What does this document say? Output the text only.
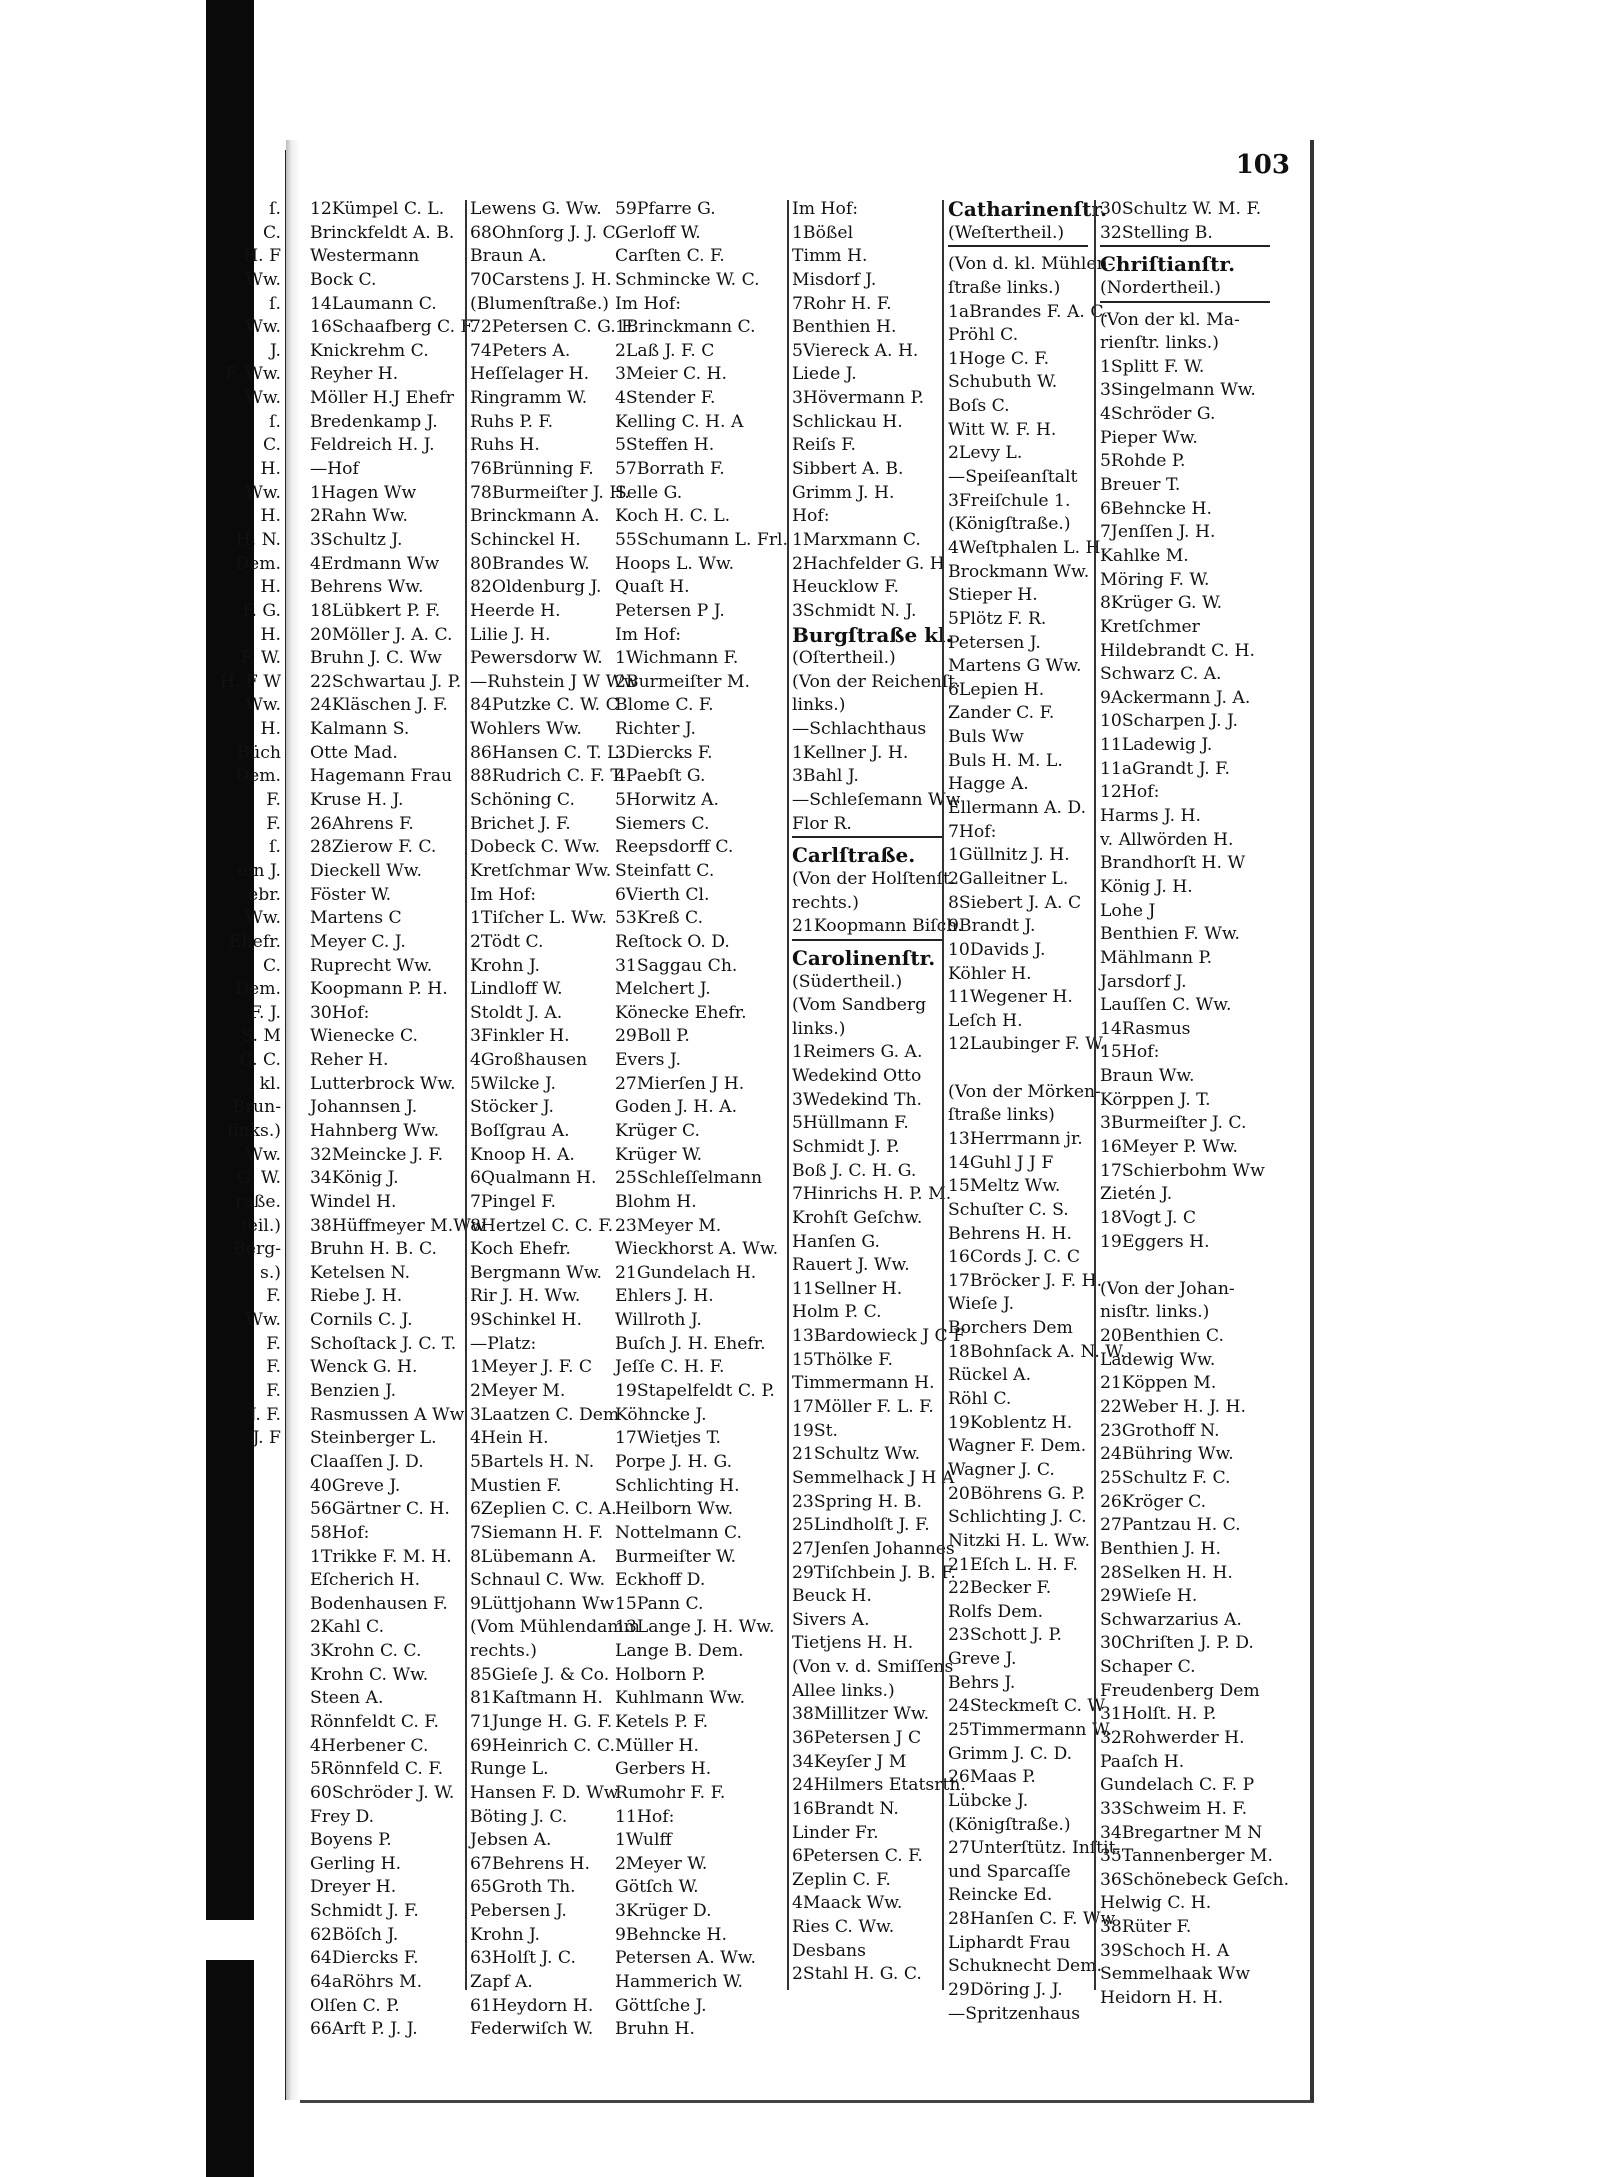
ſ.
C.
H. F
Ww.
ſ.
Ww.
J.
F. Ww.
Ww.
ſ.
C.
H.
Ww.
H.
H. N.
Dem.
H.
F. G.
H.
F. W.
H. F W
Ww.
H.
Büch
Dem.
F.
F.
ſ.
ein J.
ebr.
Ww.
Ehefr.
C.
Dem.
F. J.
S. M
C. C.
., kl.
Brun-
links.)
Ww.
G. W.
raße.
ſeil.)
Berg-
s.)
F.
Ww.
F.
F.
F.
J. F.
J. F
103
12Kümpel C. L.
Brinckfeldt A. B.
Westermann
Bock C.
14Laumann C.
16Schaafberg C. F.
Knickrehm C.
Reyher H.
Möller H.J Ehefr
Bredenkamp J.
Feldreich H. J.
—Hof
1Hagen Ww
2Rahn Ww.
3Schultz J.
4Erdmann Ww
Behrens Ww.
18Lübkert P. F.
20Möller J. A. C.
Bruhn J. C. Ww
22Schwartau J. P.
24Kläschen J. F.
Kalmann S.
Otte Mad.
Hagemann Frau
Kruse H. J.
26Ahrens F.
28Zierow F. C.
Dieckell Ww.
Föster W.
Martens C
Meyer C. J.
Ruprecht Ww.
Koopmann P. H.
30Hof:
Wienecke C.
Reher H.
Lutterbrock Ww.
Johannsen J.
Hahnberg Ww.
32Meincke J. F.
34König J.
Windel H.
38Hüffmeyer M.Ww
Bruhn H. B. C.
Ketelsen N.
Riebe J. H.
Cornils C. J.
Schoſtack J. C. T.
Wenck G. H.
Benzien J.
Rasmussen A Ww
Steinberger L.
Claaſſen J. D.
40Greve J.
56Gärtner C. H.
58Hof:
1Trikke F. M. H.
Eſcherich H.
Bodenhausen F.
2Kahl C.
3Krohn C. C.
Krohn C. Ww.
Steen A.
Rönnfeldt C. F.
4Herbener C.
5Rönnfeld C. F.
60Schröder J. W.
Frey D.
Boyens P.
Gerling H.
Dreyer H.
Schmidt J. F.
62Böſch J.
64Diercks F.
64aRöhrs M.
Olſen C. P.
66Arft P. J. J.
Lewens G. Ww.
68Ohnſorg J. J. C.
Braun A.
70Carstens J. H.
(Blumenſtraße.)
72Petersen C. G. F.
74Peters A.
Heſſelager H.
Ringramm W.
Ruhs P. F.
Ruhs H.
76Brünning F.
78Burmeiſter J. H.
Brinckmann A.
Schinckel H.
80Brandes W.
82Oldenburg J.
Heerde H.
Lilie J. H.
Pewersdorw W.
—Ruhstein J W Ww
84Putzke C. W. C
Wohlers Ww.
86Hansen C. T. L.
88Rudrich C. F. T.
Schöning C.
Brichet J. F.
Dobeck C. Ww.
Kretſchmar Ww.
Im Hof:
1Tiſcher L. Ww.
2Tödt C.
Krohn J.
Lindloff W.
Stoldt J. A.
3Finkler H.
4Großhausen
5Wilcke J.
Stöcker J.
Boſſgrau A.
Knoop H. A.
6Qualmann H.
7Pingel F.
8Hertzel C. C. F.
Koch Ehefr.
Bergmann Ww.
Rir J. H. Ww.
9Schinkel H.
—Platz:
1Meyer J. F. C
2Meyer M.
3Laatzen C. Dem
4Hein H.
5Bartels H. N.
Mustien F.
6Zeplien C. C. A.
7Siemann H. F.
8Lübemann A.
Schnaul C. Ww.
9Lüttjohann Ww
(Vom Mühlendamm
rechts.)
85Gieſe J. & Co.
81Kaſtmann H.
71Junge H. G. F.
69Heinrich C. C.
Runge L.
Hansen F. D. Ww
Böting J. C.
Jebsen A.
67Behrens H.
65Groth Th.
Pebersen J.
Krohn J.
63Holſt J. C.
Zapf A.
61Heydorn H.
Federwiſch W.
59Pfarre G.
Gerloff W.
Carſten C. F.
Schmincke W. C.
Im Hof:
1Brinckmann C.
2Laß J. F. C
3Meier C. H.
4Stender F.
Kelling C. H. A
5Steffen H.
57Borrath F.
Selle G.
Koch H. C. L.
55Schumann L. Frl.
Hoops L. Ww.
Quaſt H.
Petersen P J.
Im Hof:
1Wichmann F.
2Burmeiſter M.
Blome C. F.
Richter J.
3Diercks F.
4Paebſt G.
5Horwitz A.
Siemers C.
Reepsdorff C.
Steinfatt C.
6Vierth Cl.
53Kreß C.
Reſtock O. D.
31Saggau Ch.
Melchert J.
Könecke Ehefr.
29Boll P.
Evers J.
27Mierſen J H.
Goden J. H. A.
Krüger C.
Krüger W.
25Schleſſelmann
Blohm H.
23Meyer M.
Wieckhorst A. Ww.
21Gundelach H.
Ehlers J. H.
Willroth J.
Buſch J. H. Ehefr.
Jeſſe C. H. F.
19Stapelfeldt C. P.
Köhncke J.
17Wietjes T.
Porpe J. H. G.
Schlichting H.
Heilborn Ww.
Nottelmann C.
Burmeiſter W.
Eckhoff D.
15Pann C.
13Lange J. H. Ww.
Lange B. Dem.
Holborn P.
Kuhlmann Ww.
Ketels P. F.
Müller H.
Gerbers H.
Rumohr F. F.
11Hof:
1Wulff
2Meyer W.
Götſch W.
3Krüger D.
9Behncke H.
Petersen A. Ww.
Hammerich W.
Göttſche J.
Bruhn H.
Im Hof:
1Bößel
Timm H.
Misdorf J.
7Rohr H. F.
Benthien H.
5Viereck A. H.
Liede J.
3Hövermann P.
Schlickau H.
Reiſs F.
Sibbert A. B.
Grimm J. H.
Hof:
1Marxmann C.
2Hachfelder G. H
Heucklow F.
3Schmidt N. J.
Burgſtraße kl.
(Oſtertheil.)
(Von der Reichenſt.
links.)
—Schlachthaus
1Kellner J. H.
3Bahl J.
—Schleſemann Ww
Flor R.
Carlſtraße.
(Von der Holſtenſt.
rechts.)
21Koopmann Biſch.
Carolinenſtr.
(Südertheil.)
(Vom Sandberg
links.)
1Reimers G. A.
Wedekind Otto
3Wedekind Th.
5Hüllmann F.
Schmidt J. P.
Boß J. C. H. G.
7Hinrichs H. P. M.
Krohſt Geſchw.
Hanſen G.
Rauert J. Ww.
11Sellner H.
Holm P. C.
13Bardowieck J C F
15Thölke F.
Timmermann H.
17Möller F. L. F.
19St.
21Schultz Ww.
Semmelhack J H A
23Spring H. B.
25Lindholſt J. F.
27Jenſen Johannes
29Tiſchbein J. B. F.
Beuck H.
Sivers A.
Tietjens H. H.
(Von v. d. Smiſſens
Allee links.)
38Millitzer Ww.
36Petersen J C
34Keyſer J M
24Hilmers Etatsrth.
16Brandt N.
Linder Fr.
6Petersen C. F.
Zeplin C. F.
4Maack Ww.
Ries C. Ww.
Desbans
2Stahl H. G. C.
Catharinenſtr.
(Weſtertheil.)
(Von d. kl. Mühlen-
ſtraße links.)
1aBrandes F. A. C.
Pröhl C.
1Hoge C. F.
Schubuth W.
Boſs C.
Witt W. F. H.
2Levy L.
—Speiſeanſtalt
3Freiſchule 1.
(Königſtraße.)
4Weſtphalen L. H.
Brockmann Ww.
Stieper H.
5Plötz F. R.
Petersen J.
Martens G Ww.
6Lepien H.
Zander C. F.
Buls Ww
Buls H. M. L.
Hagge A.
Ellermann A. D.
7Hof:
1Güllnitz J. H.
2Galleitner L.
8Siebert J. A. C
9Brandt J.
10Davids J.
Köhler H.
11Wegener H.
Leſch H.
12Laubinger F. W.
(Von der Mörken-
ſtraße links)
13Herrmann jr.
14Guhl J J F
15Meltz Ww.
Schuſter C. S.
Behrens H. H.
16Cords J. C. C
17Bröcker J. F. H.
Wieſe J.
Borchers Dem
18Bohnſack A. N. W.
Rückel A.
Röhl C.
19Koblentz H.
Wagner F. Dem.
Wagner J. C.
20Böhrens G. P.
Schlichting J. C.
Nitzki H. L. Ww.
21Eſch L. H. F.
22Becker F.
Rolfs Dem.
23Schott J. P.
Greve J.
Behrs J.
24Steckmeſt C. W
25Timmermann W.
Grimm J. C. D.
26Maas P.
Lübcke J.
(Königſtraße.)
27Unterſtütz. Inſtit.
und Sparcaſſe
Reincke Ed.
28Hanſen C. F. Ww
Liphardt Frau
Schuknecht Dem.
29Döring J. J.
—Spritzenhaus
30Schultz W. M. F.
32Stelling B.
Chriſtianſtr.
(Nordertheil.)
(Von der kl. Ma-
rienſtr. links.)
1Splitt F. W.
3Singelmann Ww.
4Schröder G.
Pieper Ww.
5Rohde P.
Breuer T.
6Behncke H.
7Jenſſen J. H.
Kahlke M.
Möring F. W.
8Krüger G. W.
Kretſchmer
Hildebrandt C. H.
Schwarz C. A.
9Ackermann J. A.
10Scharpen J. J.
11Ladewig J.
11aGrandt J. F.
12Hof:
Harms J. H.
v. Allwörden H.
Brandhorſt H. W
König J. H.
Lohe J
Benthien F. Ww.
Mählmann P.
Jarsdorf J.
Lauſſen C. Ww.
14Rasmus
15Hof:
Braun Ww.
Körppen J. T.
3Burmeiſter J. C.
16Meyer P. Ww.
17Schierbohm Ww
Zietén J.
18Vogt J. C
19Eggers H.
(Von der Johan-
nisſtr. links.)
20Benthien C.
Ladewig Ww.
21Köppen M.
22Weber H. J. H.
23Grothoff N.
24Bühring Ww.
25Schultz F. C.
26Kröger C.
27Pantzau H. C.
Benthien J. H.
28Selken H. H.
29Wieſe H.
Schwarzarius A.
30Chriſten J. P. D.
Schaper C.
Freudenberg Dem
31Holſt. H. P.
32Rohwerder H.
Paaſch H.
Gundelach C. F. P
33Schweim H. F.
34Bregartner M N
35Tannenberger M.
36Schönebeck Geſch.
Helwig C. H.
38Rüter F.
39Schoch H. A
Semmelhaak Ww
Heidorn H. H.
